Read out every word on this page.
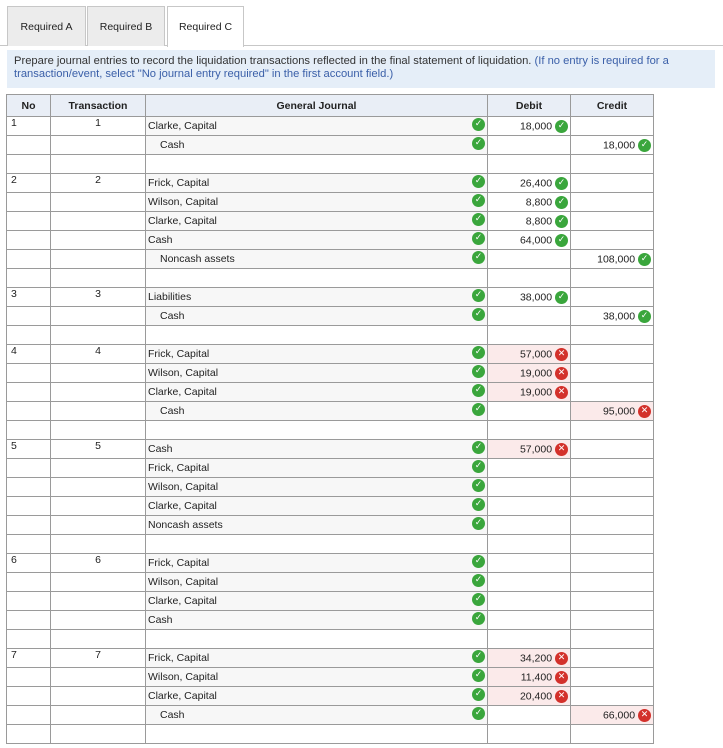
Required A	Required B	Required C
Prepare journal entries to record the liquidation transactions reflected in the final statement of liquidation. (If no entry is required for a transaction/event, select "No journal entry required" in the first account field.)
No	Transaction	General Journal	Debit	Credit
1	1	Clarke, Capital ✓	18,000 ✓	
		Cash ✓		18,000 ✓

2	2	Frick, Capital ✓	26,400 ✓	
		Wilson, Capital ✓	8,800 ✓	
		Clarke, Capital ✓	8,800 ✓	
		Cash ✓	64,000 ✓	
		Noncash assets ✓		108,000 ✓

3	3	Liabilities ✓	38,000 ✓	
		Cash ✓		38,000 ✓

4	4	Frick, Capital ✓	57,000 ✕	
		Wilson, Capital ✓	19,000 ✕	
		Clarke, Capital ✓	19,000 ✕	
		Cash ✓		95,000 ✕

5	5	Cash ✓	57,000 ✕	
		Frick, Capital ✓		

		Wilson, Capital ✓		

		Clarke, Capital ✓		

		Noncash assets ✓		

6	6	Frick, Capital ✓		

		Wilson, Capital ✓		

		Clarke, Capital ✓		

		Cash ✓		

7	7	Frick, Capital ✓	34,200 ✕	
		Wilson, Capital ✓	11,400 ✕	
		Clarke, Capital ✓	20,400 ✕	
		Cash ✓		66,000 ✕
